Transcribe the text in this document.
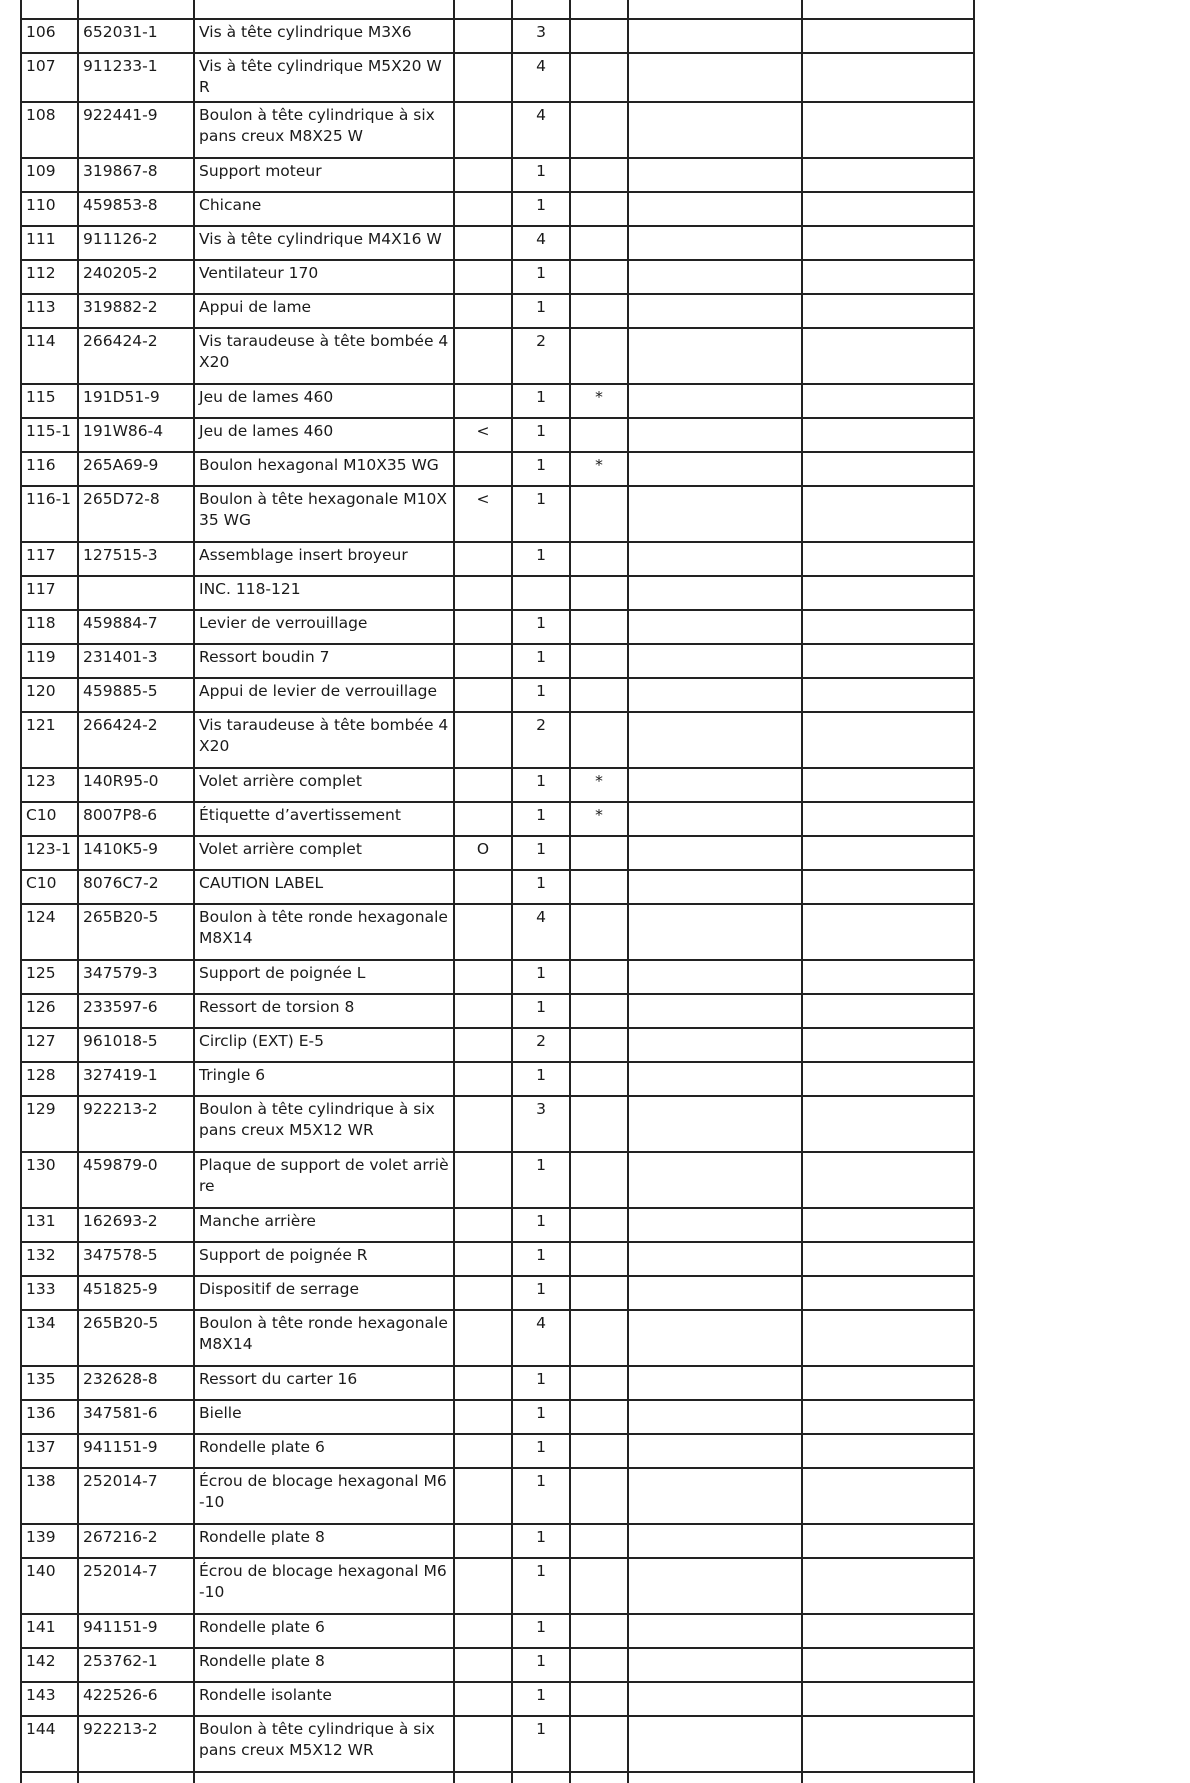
106	652031-1	Vis à tête cylindrique M3X6		3			
107	911233-1	Vis à tête cylindrique M5X20 WR		4			
108	922441-9	Boulon à tête cylindrique à six pans creux M8X25 W		4			
109	319867-8	Support moteur		1			
110	459853-8	Chicane		1			
111	911126-2	Vis à tête cylindrique M4X16 W		4			
112	240205-2	Ventilateur 170		1			
113	319882-2	Appui de lame		1			
114	266424-2	Vis taraudeuse à tête bombée 4X20		2			
115	191D51-9	Jeu de lames 460		1	*		
115-1	191W86-4	Jeu de lames 460	<	1			
116	265A69-9	Boulon hexagonal M10X35 WG		1	*		
116-1	265D72-8	Boulon à tête hexagonale M10X35 WG	<	1			
117	127515-3	Assemblage insert broyeur		1			
117		INC. 118-121					
118	459884-7	Levier de verrouillage		1			
119	231401-3	Ressort boudin 7		1			
120	459885-5	Appui de levier de verrouillage		1			
121	266424-2	Vis taraudeuse à tête bombée 4X20		2			
123	140R95-0	Volet arrière complet		1	*		
C10	8007P8-6	Étiquette d’avertissement		1	*		
123-1	1410K5-9	Volet arrière complet	O	1			
C10	8076C7-2	CAUTION LABEL		1			
124	265B20-5	Boulon à tête ronde hexagonale M8X14		4			
125	347579-3	Support de poignée L		1			
126	233597-6	Ressort de torsion 8		1			
127	961018-5	Circlip (EXT) E-5		2			
128	327419-1	Tringle 6		1			
129	922213-2	Boulon à tête cylindrique à six pans creux M5X12 WR		3			
130	459879-0	Plaque de support de volet arrière		1			
131	162693-2	Manche arrière		1			
132	347578-5	Support de poignée R		1			
133	451825-9	Dispositif de serrage		1			
134	265B20-5	Boulon à tête ronde hexagonale M8X14		4			
135	232628-8	Ressort du carter 16		1			
136	347581-6	Bielle		1			
137	941151-9	Rondelle plate 6		1			
138	252014-7	Écrou de blocage hexagonal M6-10		1			
139	267216-2	Rondelle plate 8		1			
140	252014-7	Écrou de blocage hexagonal M6-10		1			
141	941151-9	Rondelle plate 6		1			
142	253762-1	Rondelle plate 8		1			
143	422526-6	Rondelle isolante		1			
144	922213-2	Boulon à tête cylindrique à six pans creux M5X12 WR		1			
